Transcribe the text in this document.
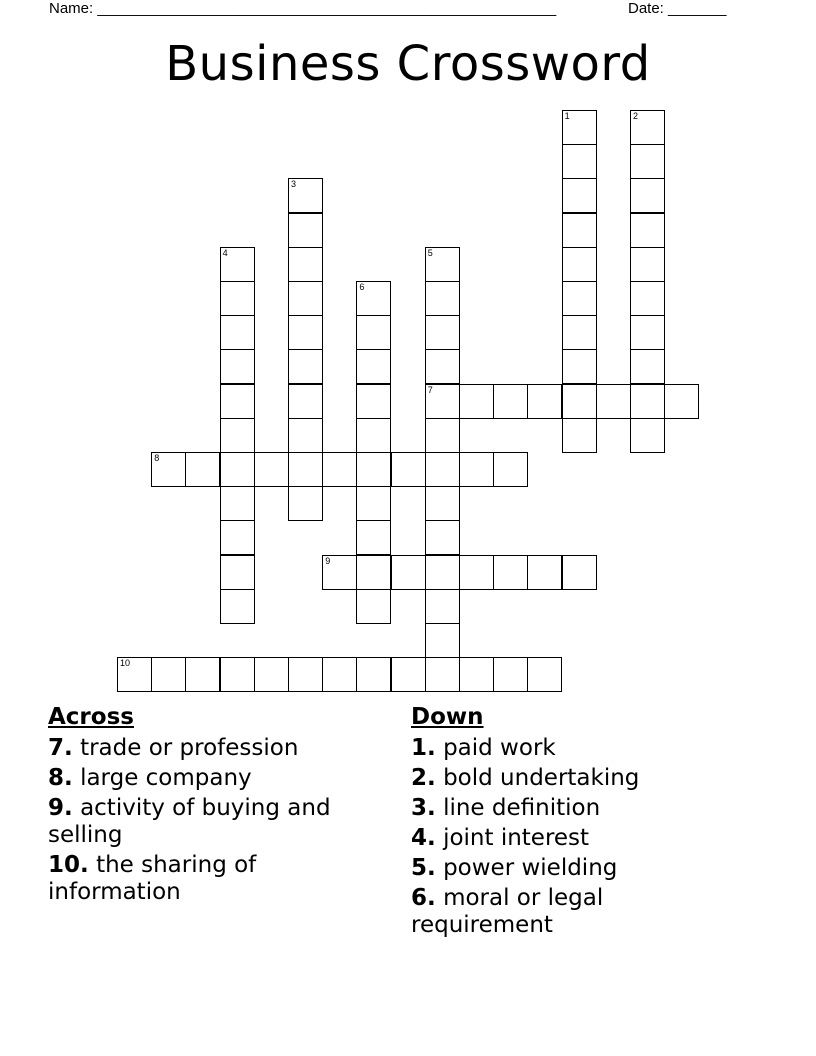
Name: _______________________________________________________	Date: _______
Business Crossword
1	2
3
4	5
7
6
8
9
10
Across
7. trade or profession
8. large company
9. activity of buying and selling
10. the sharing of information
Down
1. paid work
2. bold undertaking
3. line definition
4. joint interest
5. power wielding
6. moral or legal requirement
